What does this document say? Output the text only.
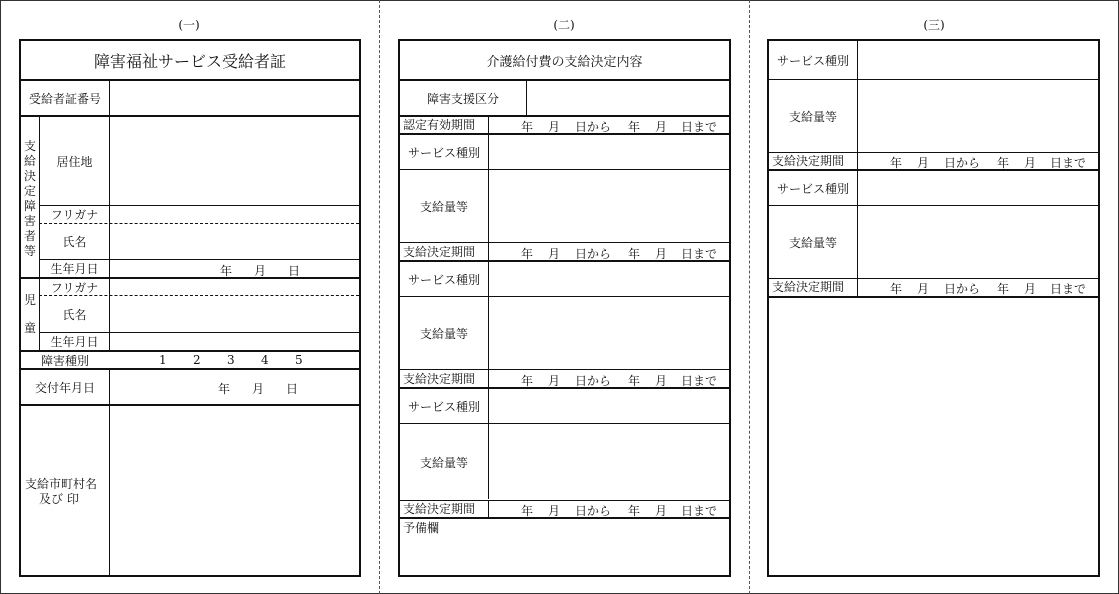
(一)	(二)	(三)
障害福祉サービス受給者証
受給者証番号
支
給
決
定
障
害
者
等
居住地
フリガナ
氏名
生年月日	年 月 日
児
童
フリガナ
氏名
生年月日
障害種別	1 2 3 4 5
交付年月日	年 月 日
支給市町村名
及び 印
介護給付費の支給決定内容
障害支援区分
認定有効期間	年 月 日から 年 月 日まで
サービス種別
支給量等
支給決定期間	年 月 日から 年 月 日まで
サービス種別
支給量等
支給決定期間	年 月 日から 年 月 日まで
サービス種別
支給量等
支給決定期間	年 月 日から 年 月 日まで
予備欄
サービス種別
支給量等
支給決定期間	年 月 日から 年 月 日まで
サービス種別
支給量等
支給決定期間	年 月 日から 年 月 日まで
